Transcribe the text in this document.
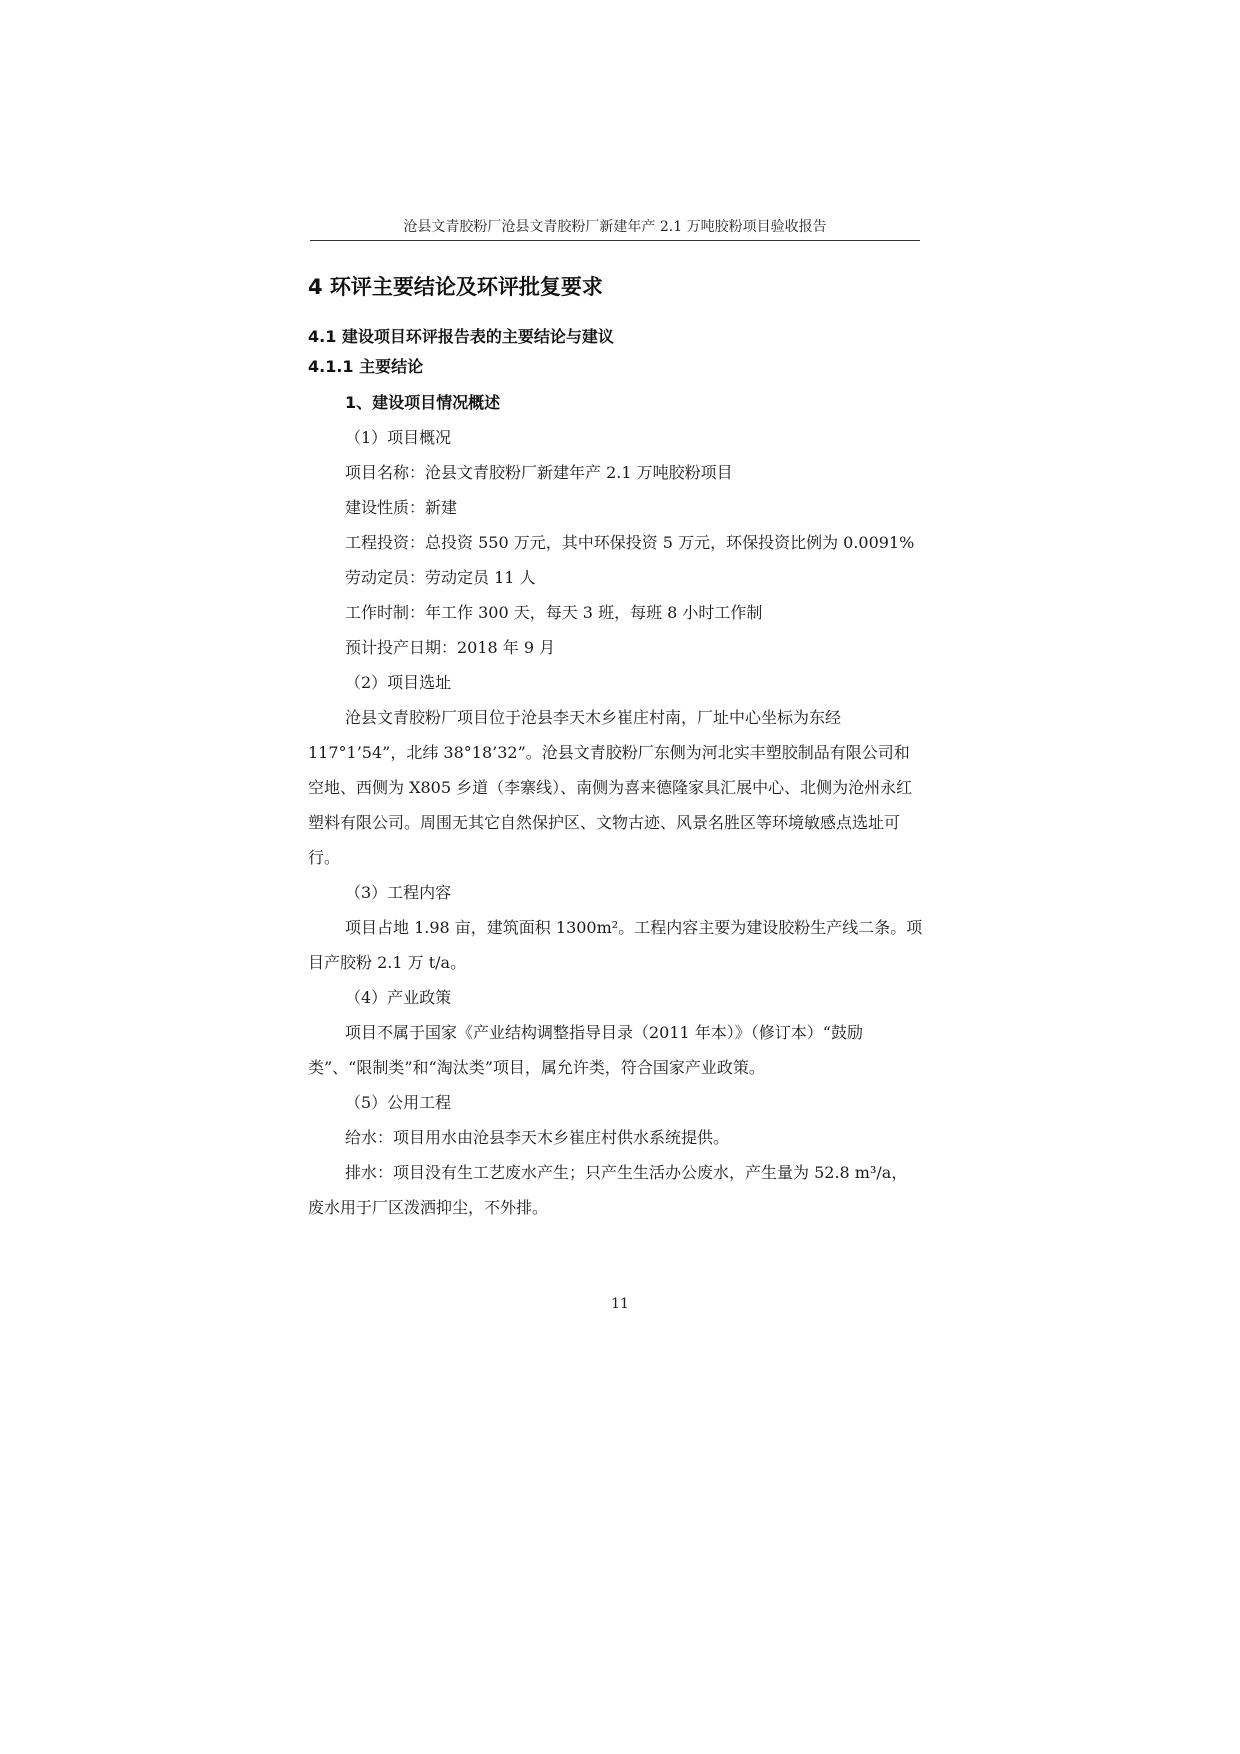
沧县文青胶粉厂沧县文青胶粉厂新建年产 2.1 万吨胶粉项目验收报告
4 环评主要结论及环评批复要求
4.1 建设项目环评报告表的主要结论与建议
4.1.1 主要结论
1、建设项目情况概述

（1）项目概况

项目名称：沧县文青胶粉厂新建年产 2.1 万吨胶粉项目

建设性质：新建

工程投资：总投资 550 万元，其中环保投资 5 万元，环保投资比例为 0.0091%

劳动定员：劳动定员 11 人

工作时制：年工作 300 天，每天 3 班，每班 8 小时工作制

预计投产日期：2018 年 9 月

（2）项目选址

沧县文青胶粉厂项目位于沧县李天木乡崔庄村南，厂址中心坐标为东经 117°1’54”，北纬 38°18’32”。沧县文青胶粉厂东侧为河北实丰塑胶制品有限公司和空地、西侧为 X805 乡道（李寨线）、南侧为喜来德隆家具汇展中心、北侧为沧州永红塑料有限公司。周围无其它自然保护区、文物古迹、风景名胜区等环境敏感点选址可行。

（3）工程内容

项目占地 1.98 亩，建筑面积 1300m²。工程内容主要为建设胶粉生产线二条。项目产胶粉 2.1 万 t/a。

（4）产业政策

项目不属于国家《产业结构调整指导目录（2011 年本）》（修订本）“鼓励类”、“限制类”和“淘汰类”项目，属允许类，符合国家产业政策。

（5）公用工程

给水：项目用水由沧县李天木乡崔庄村供水系统提供。

排水：项目没有生工艺废水产生；只产生生活办公废水，产生量为 52.8 m³/a，废水用于厂区泼洒抑尘，不外排。

11
